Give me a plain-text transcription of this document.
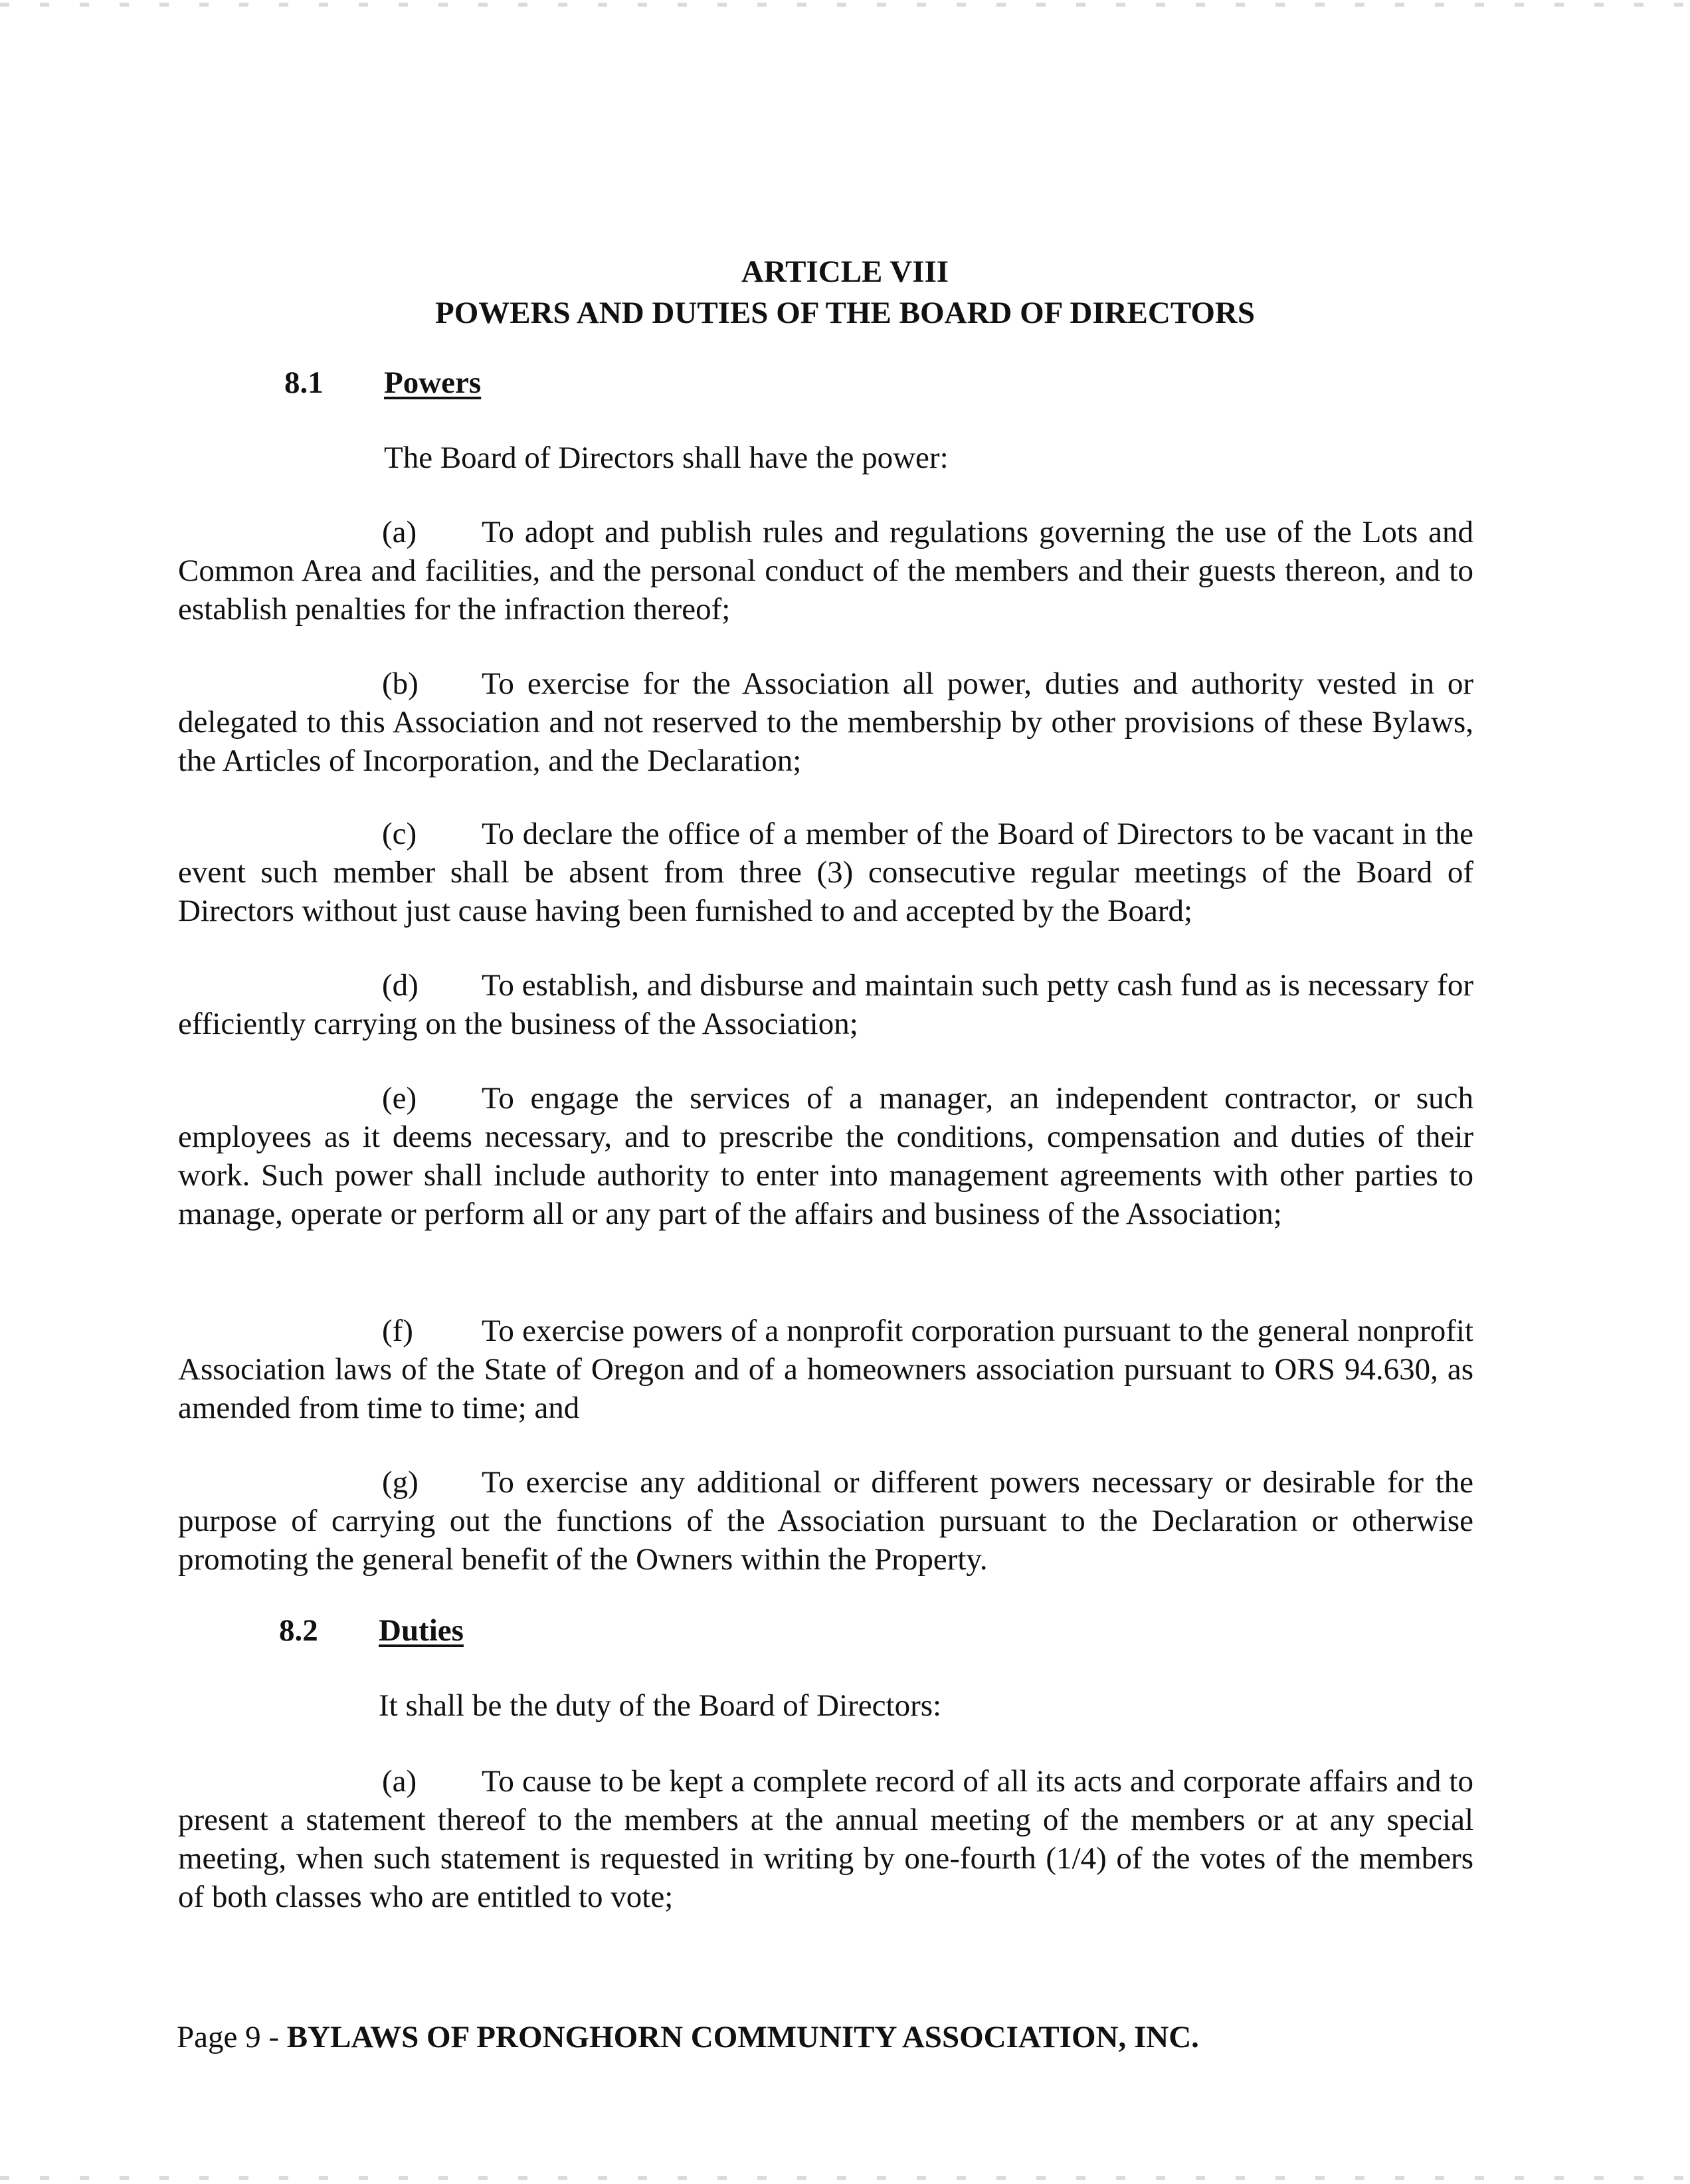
ARTICLE VIII
POWERS AND DUTIES OF THE BOARD OF DIRECTORS
8.1 Powers
The Board of Directors shall have the power:
(a) To adopt and publish rules and regulations governing the use of the Lots and Common Area and facilities, and the personal conduct of the members and their guests thereon, and to establish penalties for the infraction thereof;
(b) To exercise for the Association all power, duties and authority vested in or delegated to this Association and not reserved to the membership by other provisions of these Bylaws, the Articles of Incorporation, and the Declaration;
(c) To declare the office of a member of the Board of Directors to be vacant in the event such member shall be absent from three (3) consecutive regular meetings of the Board of Directors without just cause having been furnished to and accepted by the Board;
(d) To establish, and disburse and maintain such petty cash fund as is necessary for efficiently carrying on the business of the Association;
(e) To engage the services of a manager, an independent contractor, or such employees as it deems necessary, and to prescribe the conditions, compensation and duties of their work. Such power shall include authority to enter into management agreements with other parties to manage, operate or perform all or any part of the affairs and business of the Association;
(f) To exercise powers of a nonprofit corporation pursuant to the general nonprofit Association laws of the State of Oregon and of a homeowners association pursuant to ORS 94.630, as amended from time to time; and
(g) To exercise any additional or different powers necessary or desirable for the purpose of carrying out the functions of the Association pursuant to the Declaration or otherwise promoting the general benefit of the Owners within the Property.
8.2 Duties
It shall be the duty of the Board of Directors:
(a) To cause to be kept a complete record of all its acts and corporate affairs and to present a statement thereof to the members at the annual meeting of the members or at any special meeting, when such statement is requested in writing by one-fourth (1/4) of the votes of the members of both classes who are entitled to vote;
Page 9 - BYLAWS OF PRONGHORN COMMUNITY ASSOCIATION, INC.
